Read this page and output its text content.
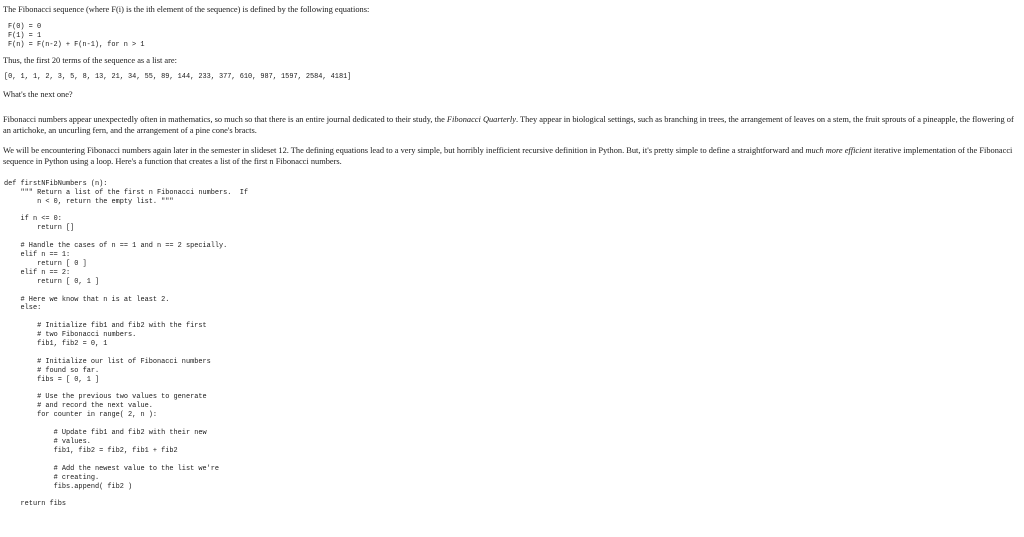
The Fibonacci sequence (where F(i) is the ith element of the sequence) is defined by the following equations:

F(0) = 0

F(1) = 1

F(n) = F(n-2) + F(n-1), for n > 1

Thus, the first 20 terms of the sequence as a list are:

[0, 1, 1, 2, 3, 5, 8, 13, 21, 34, 55, 89, 144, 233, 377, 610, 987, 1597, 2584, 4181]

What's the next one?

Fibonacci numbers appear unexpectedly often in mathematics, so much so that there is an entire journal dedicated to their study, the Fibonacci Quarterly. They appear in biological settings, such as branching in trees, the arrangement of leaves on a stem, the fruit sprouts of a pineapple, the flowering of an artichoke, an uncurling fern, and the arrangement of a pine cone's bracts.

We will be encountering Fibonacci numbers again later in the semester in slideset 12. The defining equations lead to a very simple, but horribly inefficient recursive definition in Python. But, it's pretty simple to define a straightforward and much more efficient iterative implementation of the Fibonacci sequence in Python using a loop. Here's a function that creates a list of the first n Fibonacci numbers.

def firstNFibNumbers (n):

""" Return a list of the first n Fibonacci numbers.  If

n < 0, return the empty list. """

if n <= 0:

return []

# Handle the cases of n == 1 and n == 2 specially.

elif n == 1:

return [ 0 ]

elif n == 2:

return [ 0, 1 ]

# Here we know that n is at least 2.

else:

# Initialize fib1 and fib2 with the first

# two Fibonacci numbers.

fib1, fib2 = 0, 1

# Initialize our list of Fibonacci numbers

# found so far.

fibs = [ 0, 1 ]

# Use the previous two values to generate

# and record the next value.

for counter in range( 2, n ):

# Update fib1 and fib2 with their new

# values.

fib1, fib2 = fib2, fib1 + fib2

# Add the newest value to the list we're

# creating.

fibs.append( fib2 )

return fibs
